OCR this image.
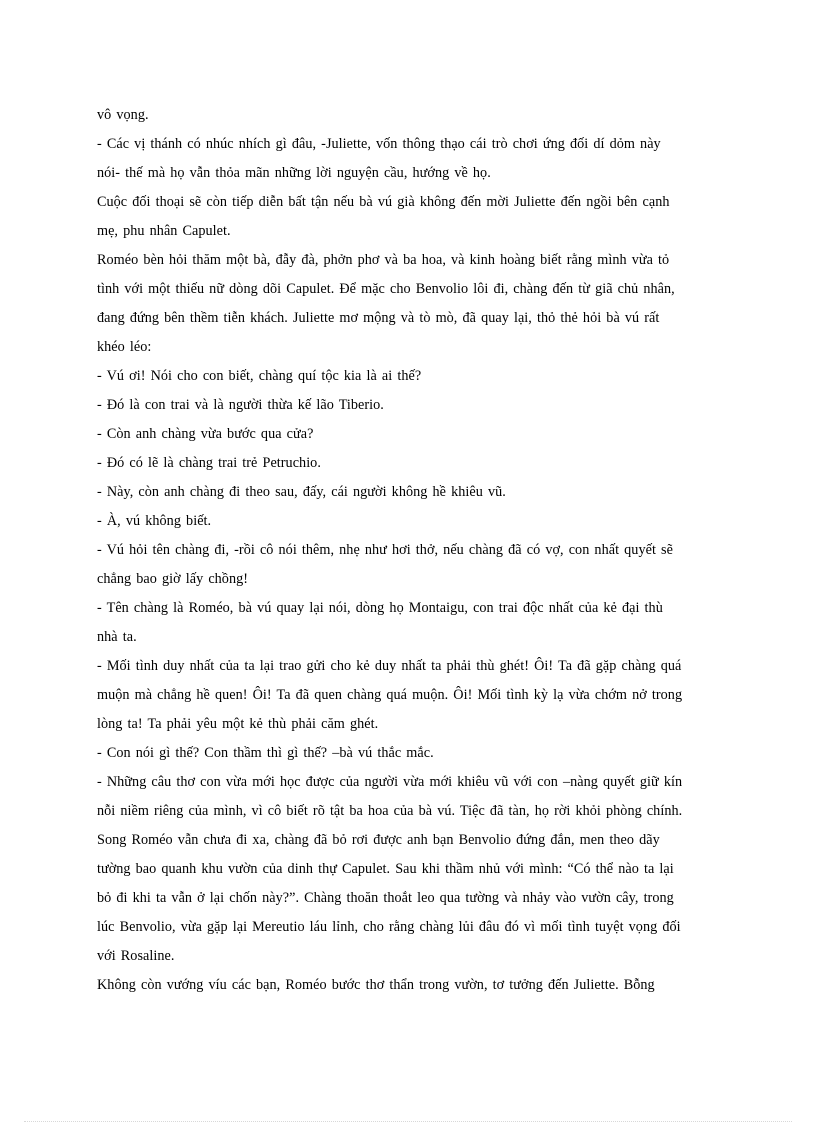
vô vọng.
- Các vị thánh có nhúc nhích gì đâu, -Juliette, vốn thông thạo cái trò chơi ứng đối dí dỏm này
nói- thế mà họ vẫn thỏa mãn những lời nguyện cầu, hướng về họ.
Cuộc đối thoại sẽ còn tiếp diễn bất tận nếu bà vú già không đến mời Juliette đến ngồi bên cạnh
mẹ, phu nhân Capulet.
Roméo bèn hỏi thăm một bà, đẫy đà, phởn phơ và ba hoa, và kinh hoàng biết rằng mình vừa tỏ
tình với một thiếu nữ dòng dõi Capulet. Để mặc cho Benvolio lôi đi, chàng đến từ giã chủ nhân,
đang đứng bên thềm tiễn khách. Juliette mơ mộng và tò mò, đã quay lại, thỏ thẻ hỏi bà vú rất
khéo léo:
- Vú ơi! Nói cho con biết, chàng quí tộc kia là ai thế?
- Đó là con trai và là người thừa kế lão Tiberio.
- Còn anh chàng vừa bước qua cửa?
- Đó có lẽ là chàng trai trẻ Petruchio.
- Này, còn anh chàng đi theo sau, đấy, cái người không hề khiêu vũ.
- À, vú không biết.
- Vú hỏi tên chàng đi, -rồi cô nói thêm, nhẹ như hơi thở, nếu chàng đã có vợ, con nhất quyết sẽ
chẳng bao giờ lấy chồng!
- Tên chàng là Roméo, bà vú quay lại nói, dòng họ Montaigu, con trai độc nhất của kẻ đại thù
nhà ta.
- Mối tình duy nhất của ta lại trao gửi cho kẻ duy nhất ta phải thù ghét! Ôi! Ta đã gặp chàng quá
muộn mà chẳng hề quen! Ôi! Ta đã quen chàng quá muộn. Ôi! Mối tình kỳ lạ vừa chớm nở trong
lòng ta! Ta phải yêu một kẻ thù phải căm ghét.
- Con nói gì thế? Con thầm thì gì thế? –bà vú thắc mắc.
- Những câu thơ con vừa mới học được của người vừa mới khiêu vũ với con –nàng quyết giữ kín
nỗi niềm riêng của mình, vì cô biết rõ tật ba hoa của bà vú. Tiệc đã tàn, họ rời khỏi phòng chính.
Song Roméo vẫn chưa đi xa, chàng đã bỏ rơi được anh bạn Benvolio đứng đắn, men theo dãy
tường bao quanh khu vườn của dinh thự Capulet. Sau khi thầm nhủ với mình: “Có thể nào ta lại
bỏ đi khi ta vẫn ở lại chốn này?”. Chàng thoăn thoắt leo qua tường và nhảy vào vườn cây, trong
lúc Benvolio, vừa gặp lại Mereutio láu lỉnh, cho rằng chàng lủi đâu đó vì mối tình tuyệt vọng đối
với Rosaline.
Không còn vướng víu các bạn, Roméo bước thơ thẩn trong vườn, tơ tưởng đến Juliette. Bỗng
